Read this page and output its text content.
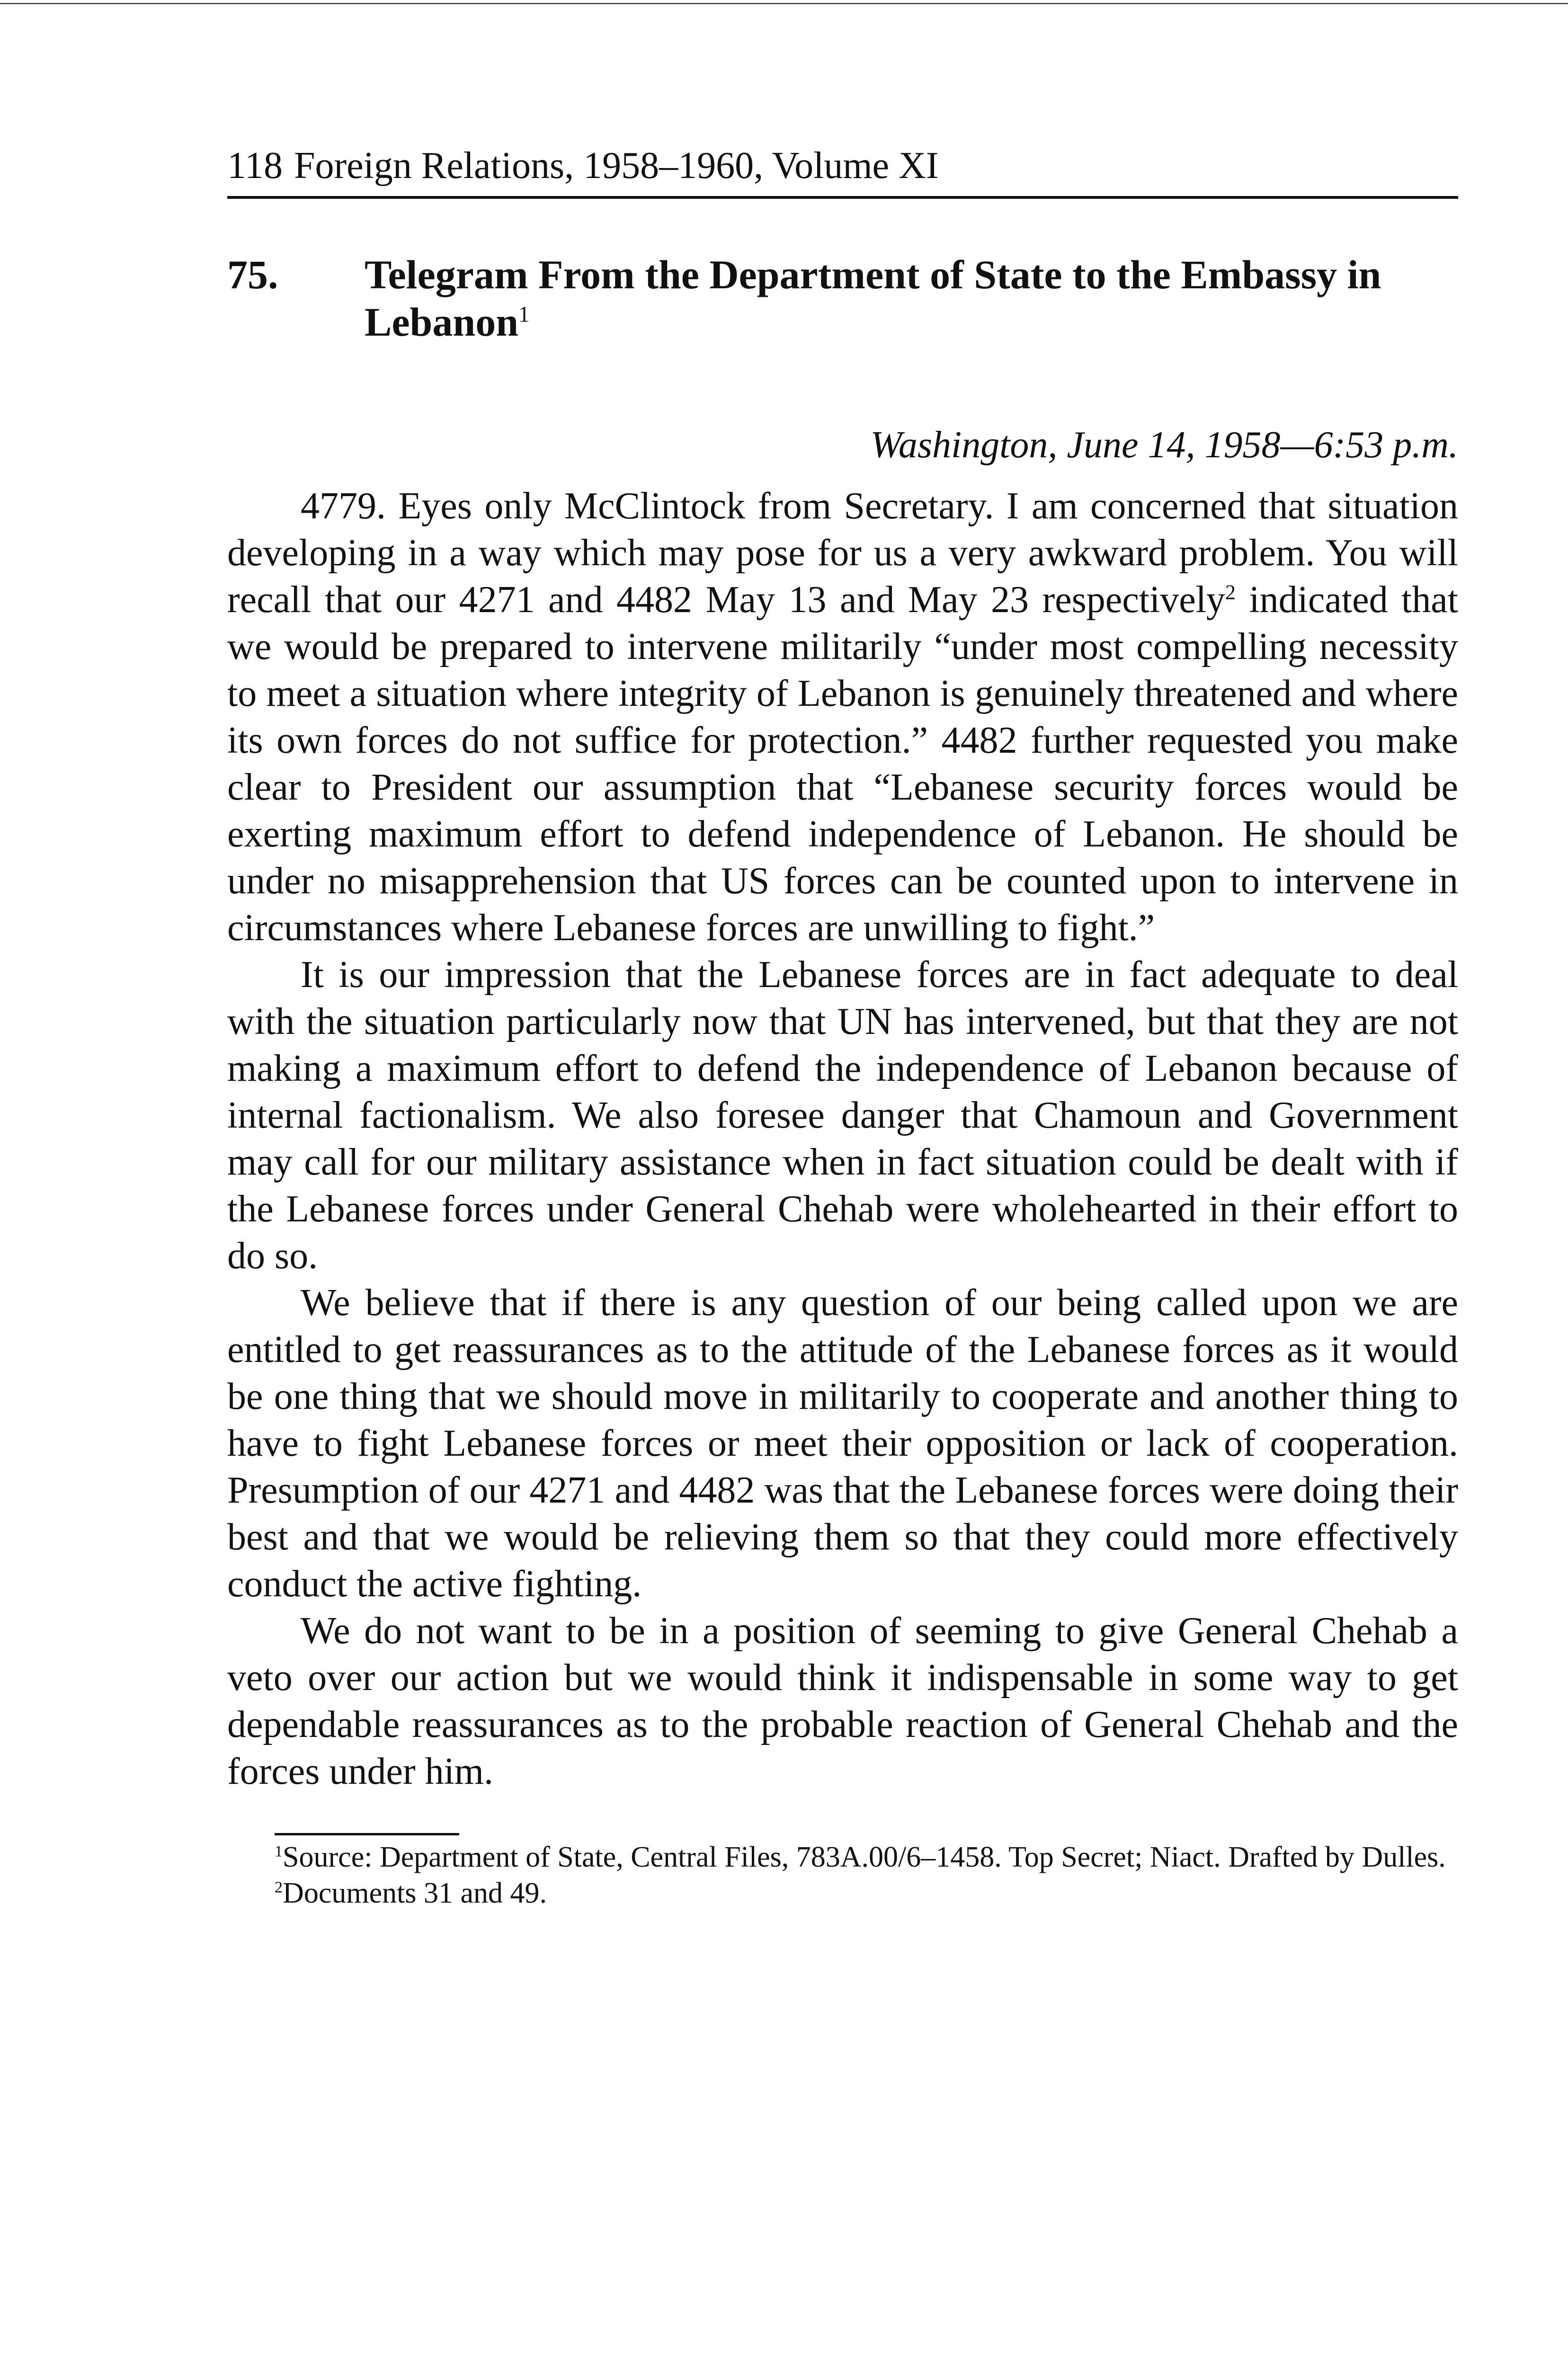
118 Foreign Relations, 1958–1960, Volume XI
75.	Telegram From the Department of State to the Embassy in Lebanon$^1$
Washington, June 14, 1958—6:53 p.m.

4779. Eyes only McClintock from Secretary. I am concerned that situation developing in a way which may pose for us a very awkward problem. You will recall that our 4271 and 4482 May 13 and May 23 respectively$^2$ indicated that we would be prepared to intervene militarily “under most compelling necessity to meet a situation where integrity of Lebanon is genuinely threatened and where its own forces do not suffice for protection.” 4482 further requested you make clear to President our assumption that “Lebanese security forces would be exerting maximum effort to defend independence of Lebanon. He should be under no misapprehension that US forces can be counted upon to intervene in circumstances where Lebanese forces are unwilling to fight.”

It is our impression that the Lebanese forces are in fact adequate to deal with the situation particularly now that UN has intervened, but that they are not making a maximum effort to defend the independence of Lebanon because of internal factionalism. We also foresee danger that Chamoun and Government may call for our military assistance when in fact situation could be dealt with if the Lebanese forces under General Chehab were wholehearted in their effort to do so.

We believe that if there is any question of our being called upon we are entitled to get reassurances as to the attitude of the Lebanese forces as it would be one thing that we should move in militarily to cooperate and another thing to have to fight Lebanese forces or meet their opposition or lack of cooperation. Presumption of our 4271 and 4482 was that the Lebanese forces were doing their best and that we would be relieving them so that they could more effectively conduct the active fighting.

We do not want to be in a position of seeming to give General Chehab a veto over our action but we would think it indispensable in some way to get dependable reassurances as to the probable reaction of General Chehab and the forces under him.

$^1$Source: Department of State, Central Files, 783A.00/6–1458. Top Secret; Niact. Drafted by Dulles.

$^2$Documents 31 and 49.
